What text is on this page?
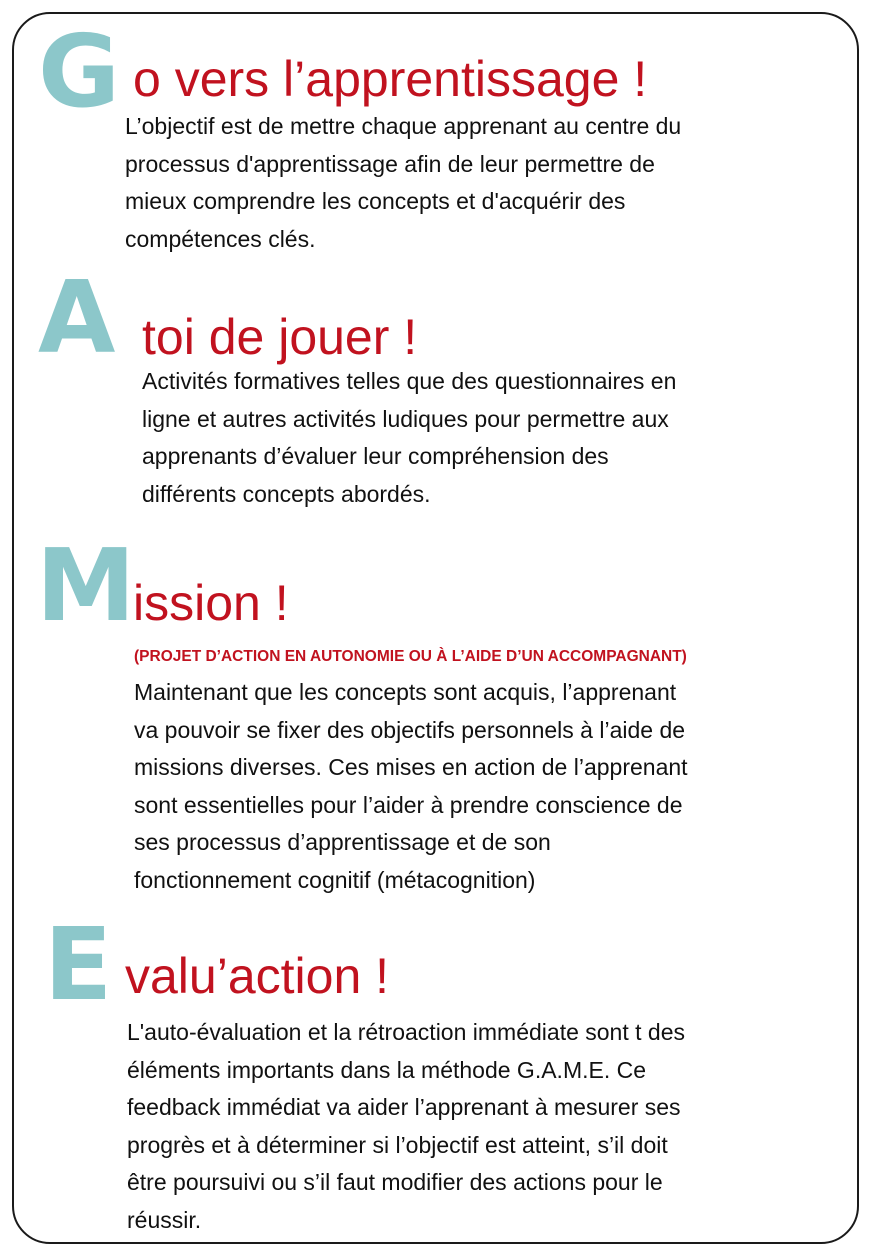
G o vers l’apprentissage !
L’objectif est de mettre chaque apprenant au centre du
processus d'apprentissage afin de leur permettre de
mieux comprendre les concepts et d'acquérir des
compétences clés.
A toi de jouer !
Activités formatives telles que des questionnaires en
ligne et autres activités ludiques pour permettre aux
apprenants d’évaluer leur compréhension des
différents concepts abordés.
M ission !
(PROJET D’ACTION EN AUTONOMIE OU À L’AIDE D’UN ACCOMPAGNANT)
Maintenant que les concepts sont acquis, l’apprenant
va pouvoir se fixer des objectifs personnels à l’aide de
missions diverses. Ces mises en action de l’apprenant
sont essentielles pour l’aider à prendre conscience de
ses processus d’apprentissage et de son
fonctionnement cognitif (métacognition)
E valu’action !
L'auto-évaluation et la rétroaction immédiate sont t des
éléments importants dans la méthode G.A.M.E. Ce
feedback immédiat va aider l’apprenant à mesurer ses
progrès et à déterminer si l’objectif est atteint, s’il doit
être poursuivi ou s’il faut modifier des actions pour le
réussir.
